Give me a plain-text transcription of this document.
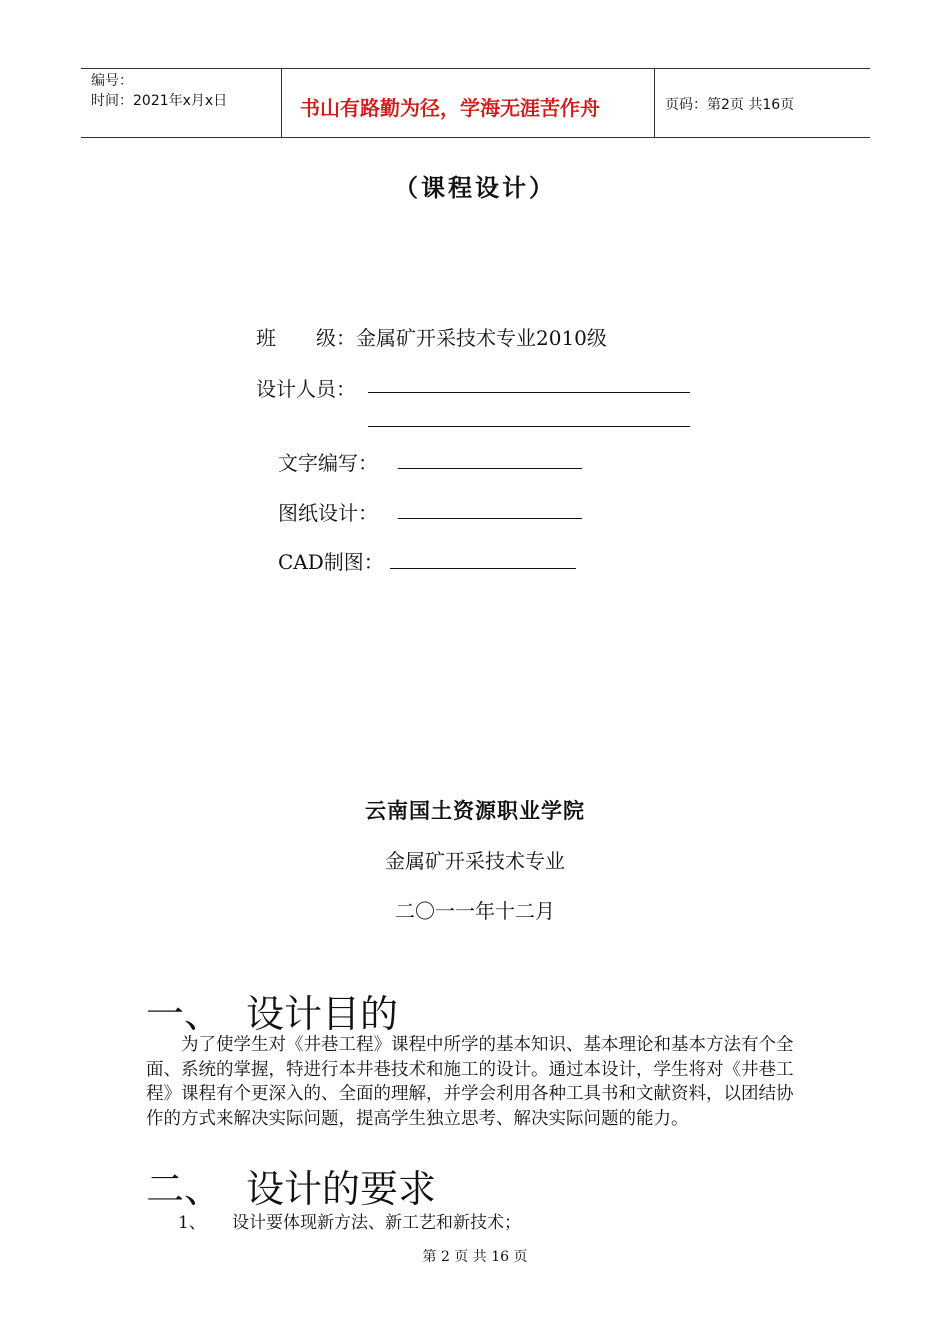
编号：
时间：2021年x月x日	书山有路勤为径，学海无涯苦作舟	页码：第2页 共16页
（课程设计）
班　　级：金属矿开采技术专业2010级
设计人员：
文字编写：
图纸设计：
CAD制图：
云南国土资源职业学院
金属矿开采技术专业
二〇一一年十二月
一、 设计目的
为了使学生对《井巷工程》课程中所学的基本知识、基本理论和基本方法有个全面、系统的掌握，特进行本井巷技术和施工的设计。通过本设计，学生将对《井巷工程》课程有个更深入的、全面的理解，并学会利用各种工具书和文献资料，以团结协作的方式来解决实际问题，提高学生独立思考、解决实际问题的能力。
二、 设计的要求
1、 设计要体现新方法、新工艺和新技术；
第 2 页 共 16 页
